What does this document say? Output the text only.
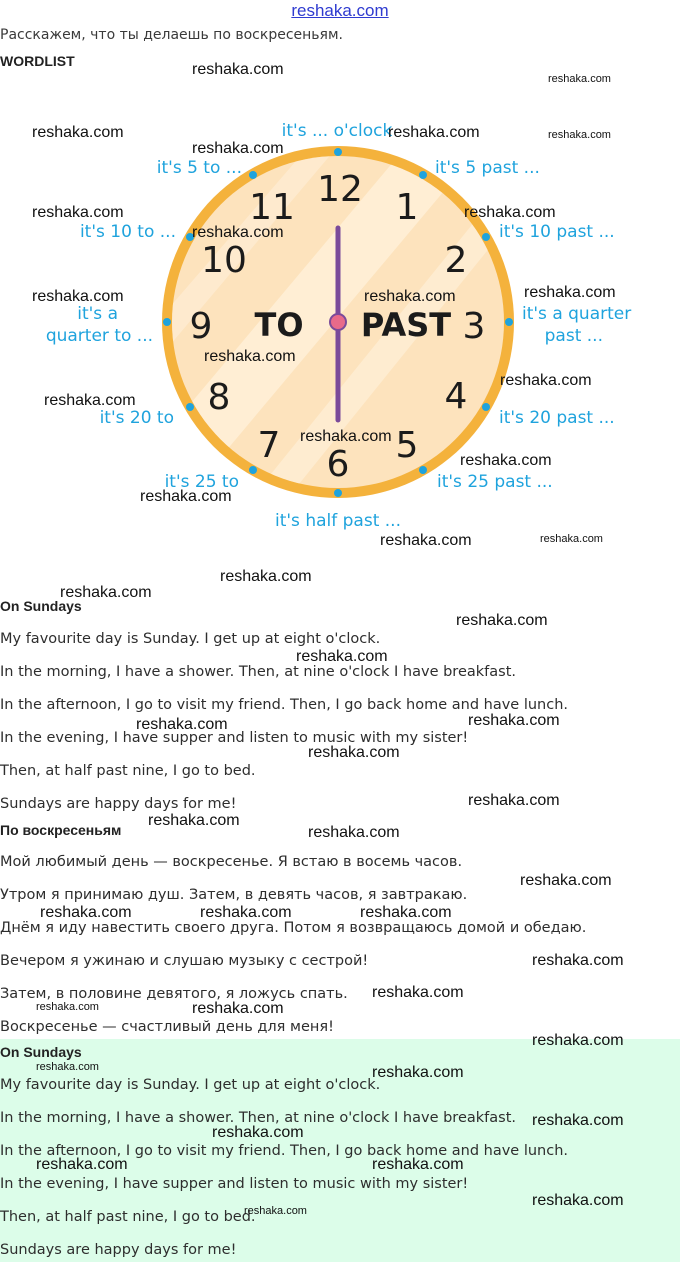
reshaka.com
Расскажем, что ты делаешь по воскресеньям.
WORDLIST
12 1
2
3
4
5
6
7
8
9
10
11
TO PAST
it's ... o'clock
it's 5 past ...
it's 10 past ...
it's a quarter
past ...
it's 20 past ...
it's 25 past ...
it's half past ...
it's 25 to
it's 20 to
it's a
quarter to ...
it's 10 to ...
it's 5 to ...
On Sundays
My favourite day is Sunday. I get up at eight o'clock.
In the morning, I have a shower. Then, at nine o'clock I have breakfast.
In the afternoon, I go to visit my friend. Then, I go back home and have lunch.
In the evening, I have supper and listen to music with my sister!
Then, at half past nine, I go to bed.
Sundays are happy days for me!
По воскресеньям
Мой любимый день — воскресенье. Я встаю в восемь часов.
Утром я принимаю душ. Затем, в девять часов, я завтракаю.
Днём я иду навестить своего друга. Потом я возвращаюсь домой и обедаю.
Вечером я ужинаю и слушаю музыку с сестрой!
Затем, в половине девятого, я ложусь спать.
Воскресенье — счастливый день для меня!
On Sundays
My favourite day is Sunday. I get up at eight o'clock.
In the morning, I have a shower. Then, at nine o'clock I have breakfast.
In the afternoon, I go to visit my friend. Then, I go back home and have lunch.
In the evening, I have supper and listen to music with my sister!
Then, at half past nine, I go to bed.
Sundays are happy days for me!
reshaka.com
reshaka.com
reshaka.com	reshaka.com	reshaka.com
reshaka.com
reshaka.com	reshaka.com
reshaka.com
reshaka.com
reshaka.com	reshaka.com
reshaka.com
reshaka.com
reshaka.com
reshaka.com
reshaka.com
reshaka.com
reshaka.com	reshaka.com
reshaka.com
reshaka.com
reshaka.com
reshaka.com
reshaka.com
reshaka.com
reshaka.com
reshaka.com
reshaka.com
reshaka.com
reshaka.com
reshaka.com	reshaka.com	reshaka.com
reshaka.com
reshaka.com
reshaka.com	reshaka.com
reshaka.com
reshaka.com	reshaka.com
reshaka.com
reshaka.com
reshaka.com	reshaka.com
reshaka.com
reshaka.com
